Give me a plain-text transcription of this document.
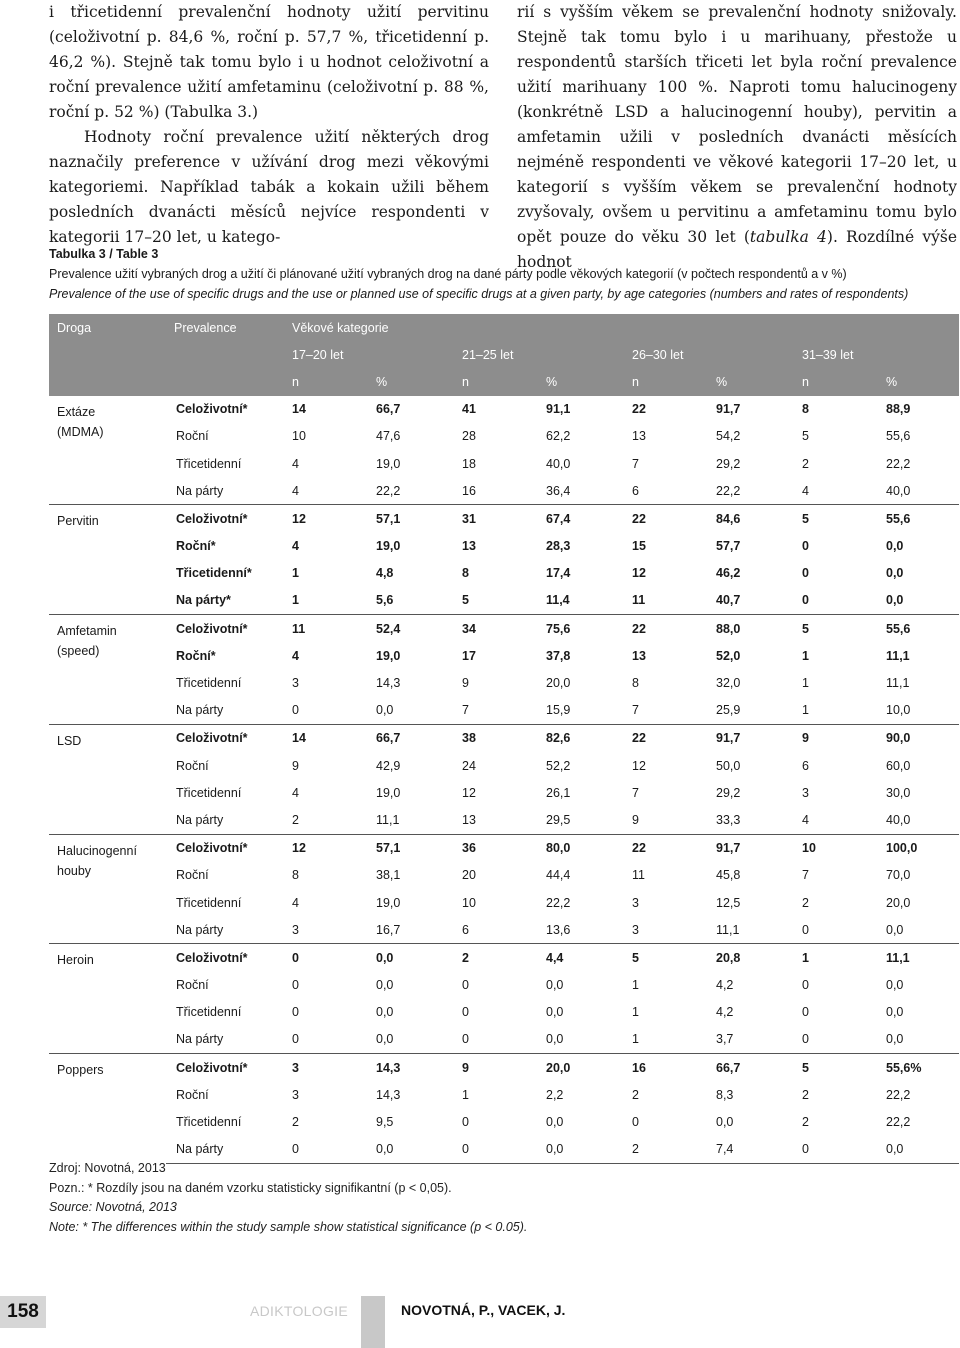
i třicetidenní prevalenční hodnoty užití pervitinu (celoživotní p. 84,6 %, roční p. 57,7 %, třicetidenní p. 46,2 %). Stejně tak tomu bylo i u hodnot celoživotní a roční prevalence užití amfetaminu (celoživotní p. 88 %, roční p. 52 %) (Tabulka 3.)

Hodnoty roční prevalence užití některých drog naznačily preference v užívání drog mezi věkovými kategoriemi. Například tabák a kokain užili během posledních dvanácti měsíců nejvíce respondenti v kategorii 17–20 let, u katego-

rií s vyšším věkem se prevalenční hodnoty snižovaly. Stejně tak tomu bylo i u marihuany, přestože u respondentů starších třiceti let byla roční prevalence užití marihuany 100 %. Naproti tomu halucinogeny (konkrétně LSD a halucinogenní houby), pervitin a amfetamin užili v posledních dvanácti měsících nejméně respondenti ve věkové kategorii 17–20 let, u kategorií s vyšším věkem se prevalenční hodnoty zvyšovaly, ovšem u pervitinu a amfetaminu tomu bylo opět pouze do věku 30 let (tabulka 4). Rozdílné výše hodnot

Tabulka 3 / Table 3
Prevalence užití vybraných drog a užití či plánované užití vybraných drog na dané párty podle věkových kategorií (v počtech respondentů a v %)
Prevalence of the use of specific drugs and the use or planned use of specific drugs at a given party, by age categories (numbers and rates of respondents)
Droga	Prevalence	Věkové kategorie							
		17–20 let		21–25 let		26–30 let		31–39 let	
		n	%	n	%	n	%	n	%

Extáze
(MDMA)	Celoživotní*	14	66,7	41	91,1	22	91,7	8	88,9
	Roční	10	47,6	28	62,2	13	54,2	5	55,6
	Třicetidenní	4	19,0	18	40,0	7	29,2	2	22,2
	Na párty	4	22,2	16	36,4	6	22,2	4	40,0

Pervitin	Celoživotní*	12	57,1	31	67,4	22	84,6	5	55,6
	Roční*	4	19,0	13	28,3	15	57,7	0	0,0
	Třicetidenní*	1	4,8	8	17,4	12	46,2	0	0,0
	Na párty*	1	5,6	5	11,4	11	40,7	0	0,0

Amfetamin
(speed)	Celoživotní*	11	52,4	34	75,6	22	88,0	5	55,6
	Roční*	4	19,0	17	37,8	13	52,0	1	11,1
	Třicetidenní	3	14,3	9	20,0	8	32,0	1	11,1
	Na párty	0	0,0	7	15,9	7	25,9	1	10,0

LSD	Celoživotní*	14	66,7	38	82,6	22	91,7	9	90,0
	Roční	9	42,9	24	52,2	12	50,0	6	60,0
	Třicetidenní	4	19,0	12	26,1	7	29,2	3	30,0
	Na párty	2	11,1	13	29,5	9	33,3	4	40,0

Halucinogenní
houby	Celoživotní*	12	57,1	36	80,0	22	91,7	10	100,0
	Roční	8	38,1	20	44,4	11	45,8	7	70,0
	Třicetidenní	4	19,0	10	22,2	3	12,5	2	20,0
	Na párty	3	16,7	6	13,6	3	11,1	0	0,0

Heroin	Celoživotní*	0	0,0	2	4,4	5	20,8	1	11,1
	Roční	0	0,0	0	0,0	1	4,2	0	0,0
	Třicetidenní	0	0,0	0	0,0	1	4,2	0	0,0
	Na párty	0	0,0	0	0,0	1	3,7	0	0,0

Poppers	Celoživotní*	3	14,3	9	20,0	16	66,7	5	55,6%
	Roční	3	14,3	1	2,2	2	8,3	2	22,2
	Třicetidenní	2	9,5	0	0,0	0	0,0	2	22,2
	Na párty	0	0,0	0	0,0	2	7,4	0	0,0
Zdroj: Novotná, 2013
Pozn.: * Rozdíly jsou na daném vzorku statisticky signifikantní (p < 0,05).
Source: Novotná, 2013
Note: * The differences within the study sample show statistical significance (p < 0.05).
158	ADIKTOLOGIE	NOVOTNÁ, P., VACEK, J.
